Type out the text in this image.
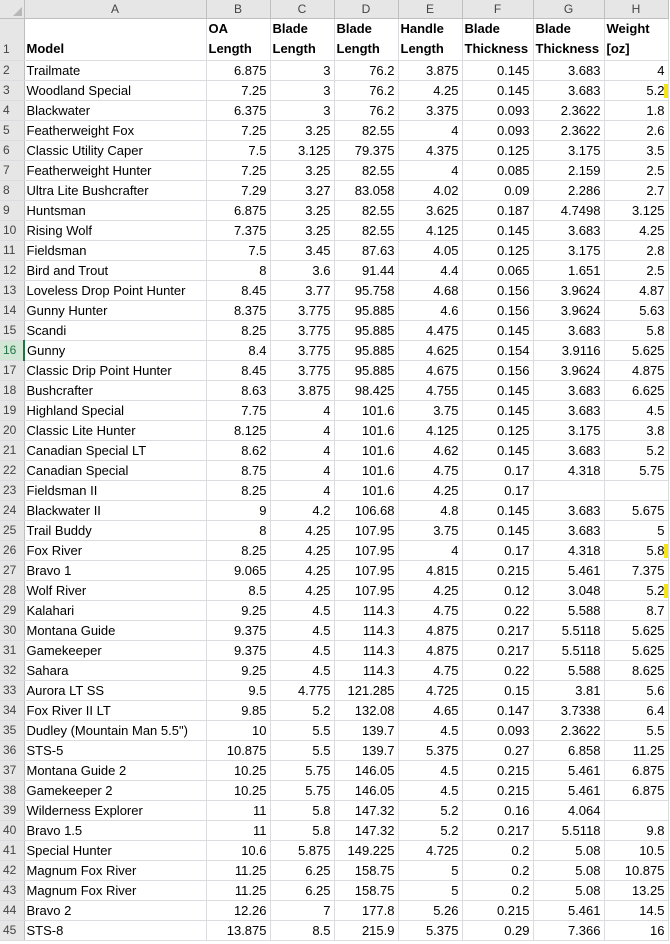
	A	B	C	D	E	F	G	H
1	Model	OA Length	Blade Length	Blade Length	Handle Length	Blade Thickness	Blade Thickness	Weight [oz]
2	Trailmate	6.875	3	76.2	3.875	0.145	3.683	4
3	Woodland Special	7.25	3	76.2	4.25	0.145	3.683	5.2
4	Blackwater	6.375	3	76.2	3.375	0.093	2.3622	1.8
5	Featherweight Fox	7.25	3.25	82.55	4	0.093	2.3622	2.6
6	Classic Utility Caper	7.5	3.125	79.375	4.375	0.125	3.175	3.5
7	Featherweight Hunter	7.25	3.25	82.55	4	0.085	2.159	2.5
8	Ultra Lite Bushcrafter	7.29	3.27	83.058	4.02	0.09	2.286	2.7
9	Huntsman	6.875	3.25	82.55	3.625	0.187	4.7498	3.125
10	Rising Wolf	7.375	3.25	82.55	4.125	0.145	3.683	4.25
11	Fieldsman	7.5	3.45	87.63	4.05	0.125	3.175	2.8
12	Bird and Trout	8	3.6	91.44	4.4	0.065	1.651	2.5
13	Loveless Drop Point Hunter	8.45	3.77	95.758	4.68	0.156	3.9624	4.87
14	Gunny Hunter	8.375	3.775	95.885	4.6	0.156	3.9624	5.63
15	Scandi	8.25	3.775	95.885	4.475	0.145	3.683	5.8
16	Gunny	8.4	3.775	95.885	4.625	0.154	3.9116	5.625
17	Classic Drip Point Hunter	8.45	3.775	95.885	4.675	0.156	3.9624	4.875
18	Bushcrafter	8.63	3.875	98.425	4.755	0.145	3.683	6.625
19	Highland Special	7.75	4	101.6	3.75	0.145	3.683	4.5
20	Classic Lite Hunter	8.125	4	101.6	4.125	0.125	3.175	3.8
21	Canadian Special LT	8.62	4	101.6	4.62	0.145	3.683	5.2
22	Canadian Special	8.75	4	101.6	4.75	0.17	4.318	5.75
23	Fieldsman II	8.25	4	101.6	4.25	0.17		
24	Blackwater II	9	4.2	106.68	4.8	0.145	3.683	5.675
25	Trail Buddy	8	4.25	107.95	3.75	0.145	3.683	5
26	Fox River	8.25	4.25	107.95	4	0.17	4.318	5.8
27	Bravo 1	9.065	4.25	107.95	4.815	0.215	5.461	7.375
28	Wolf River	8.5	4.25	107.95	4.25	0.12	3.048	5.2
29	Kalahari	9.25	4.5	114.3	4.75	0.22	5.588	8.7
30	Montana Guide	9.375	4.5	114.3	4.875	0.217	5.5118	5.625
31	Gamekeeper	9.375	4.5	114.3	4.875	0.217	5.5118	5.625
32	Sahara	9.25	4.5	114.3	4.75	0.22	5.588	8.625
33	Aurora LT SS	9.5	4.775	121.285	4.725	0.15	3.81	5.6
34	Fox River II LT	9.85	5.2	132.08	4.65	0.147	3.7338	6.4
35	Dudley (Mountain Man 5.5")	10	5.5	139.7	4.5	0.093	2.3622	5.5
36	STS-5	10.875	5.5	139.7	5.375	0.27	6.858	11.25
37	Montana Guide 2	10.25	5.75	146.05	4.5	0.215	5.461	6.875
38	Gamekeeper 2	10.25	5.75	146.05	4.5	0.215	5.461	6.875
39	Wilderness Explorer	11	5.8	147.32	5.2	0.16	4.064	
40	Bravo 1.5	11	5.8	147.32	5.2	0.217	5.5118	9.8
41	Special Hunter	10.6	5.875	149.225	4.725	0.2	5.08	10.5
42	Magnum Fox River	11.25	6.25	158.75	5	0.2	5.08	10.875
43	Magnum Fox River	11.25	6.25	158.75	5	0.2	5.08	13.25
44	Bravo 2	12.26	7	177.8	5.26	0.215	5.461	14.5
45	STS-8	13.875	8.5	215.9	5.375	0.29	7.366	16
